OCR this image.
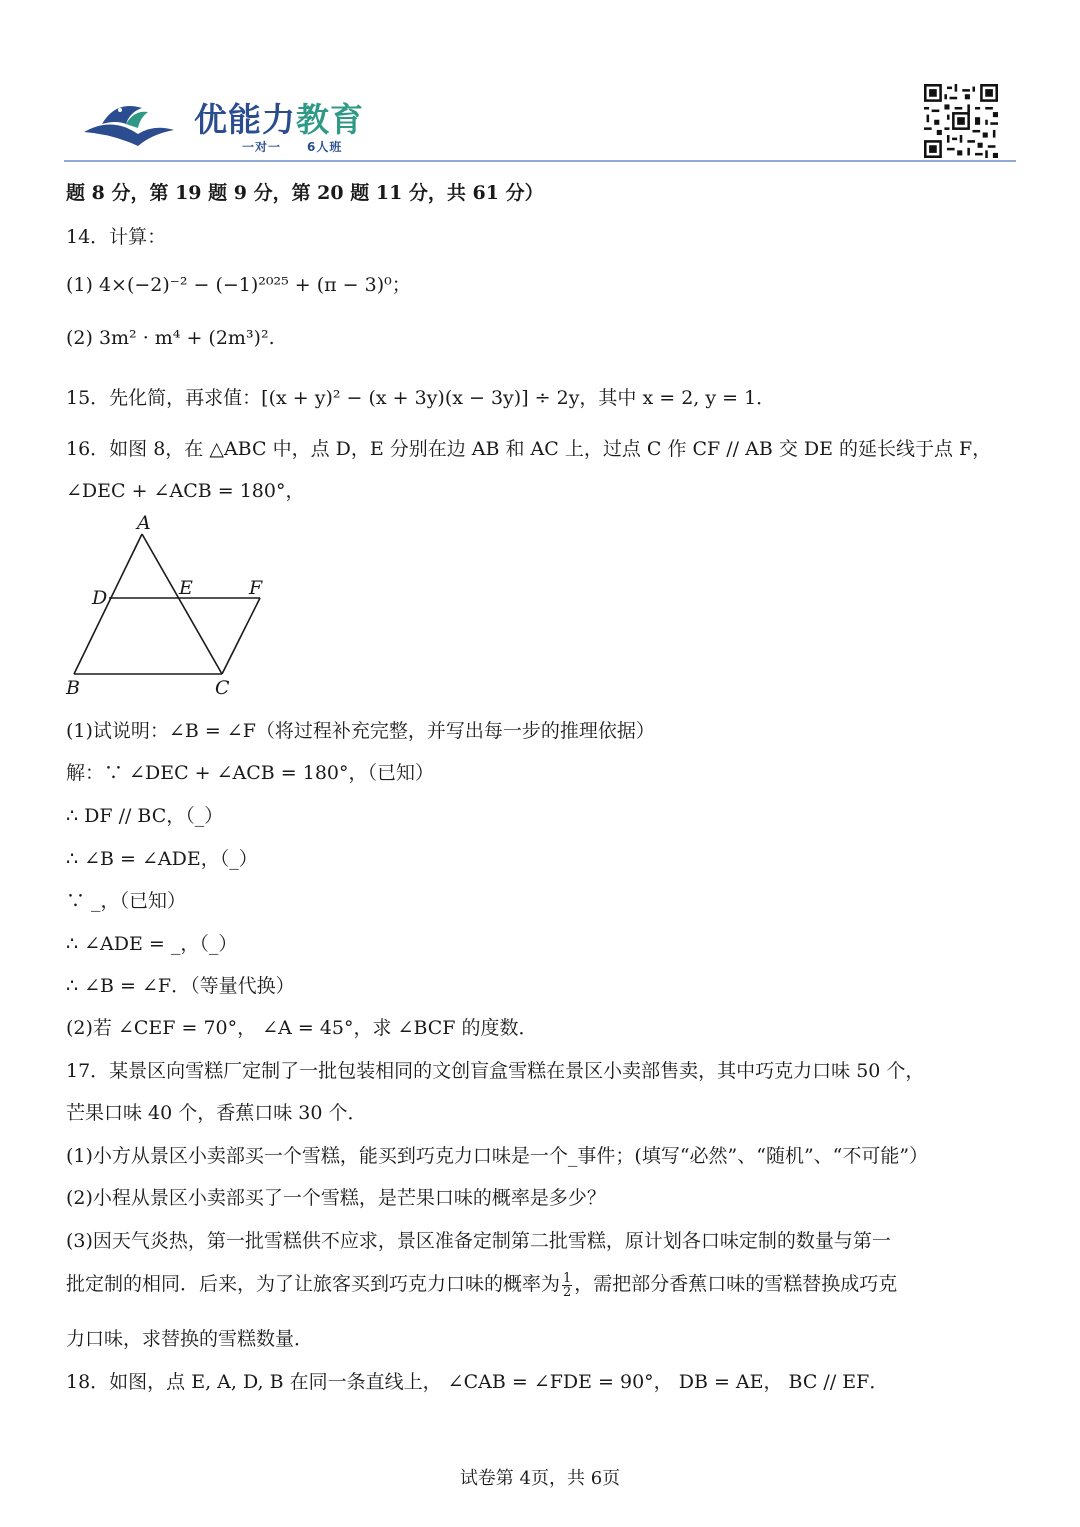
优能力教育
一对一 6人班
题 8 分，第 19 题 9 分，第 20 题 11 分，共 61 分）
14．计算：
(1) 4×(−2)⁻² − (−1)²⁰²⁵ + (π − 3)⁰；
(2) 3m² · m⁴ + (2m³)².
15．先化简，再求值：[(x + y)² − (x + 3y)(x − 3y)] ÷ 2y，其中 x = 2, y = 1．
16．如图 8，在 △ABC 中，点 D，E 分别在边 AB 和 AC 上，过点 C 作 CF // AB 交 DE 的延长线于点 F，
∠DEC + ∠ACB = 180°，
(1)试说明：∠B = ∠F（将过程补充完整，并写出每一步的推理依据）
解：∵ ∠DEC + ∠ACB = 180°，（已知）
∴ DF // BC，（_）
∴ ∠B = ∠ADE，（_）
∵ _，（已知）
∴ ∠ADE = _，（_）
∴ ∠B = ∠F．（等量代换）
(2)若 ∠CEF = 70°， ∠A = 45°，求 ∠BCF 的度数．
17．某景区向雪糕厂定制了一批包装相同的文创盲盒雪糕在景区小卖部售卖，其中巧克力口味 50 个，
芒果口味 40 个，香蕉口味 30 个．
(1)小方从景区小卖部买一个雪糕，能买到巧克力口味是一个_事件；(填写“必然”、“随机”、“不可能”）
(2)小程从景区小卖部买了一个雪糕，是芒果口味的概率是多少？
(3)因天气炎热，第一批雪糕供不应求，景区准备定制第二批雪糕，原计划各口味定制的数量与第一
批定制的相同．后来，为了让旅客买到巧克力口味的概率为 $\frac{1}{2}$ ，需把部分香蕉口味的雪糕替换成巧克
力口味，求替换的雪糕数量．
18．如图，点 E, A, D, B 在同一条直线上， ∠CAB = ∠FDE = 90°， DB = AE， BC // EF．
A
D	E	F
B	C
试卷第 4页，共 6页
